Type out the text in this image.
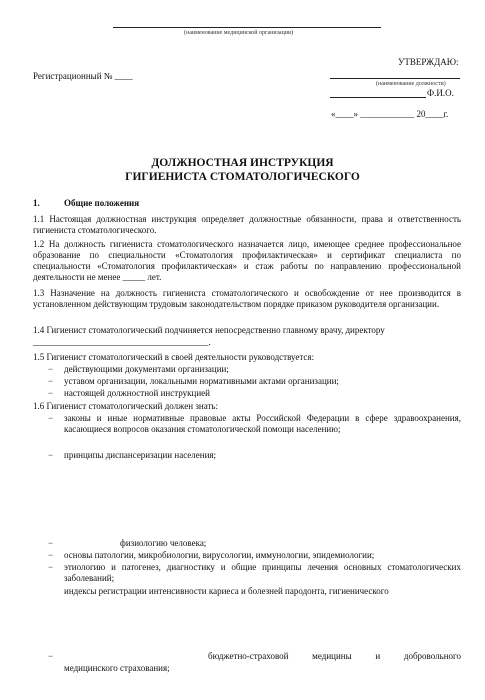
(наименование медицинской организации)
УТВЕРЖДАЮ:
Регистрационный № ____
(наименование должности)
Ф.И.О.
«____» ____________ 20____г.
ДОЛЖНОСТНАЯ ИНСТРУКЦИЯ
ГИГИЕНИСТА СТОМАТОЛОГИЧЕСКОГО
1.	Общие положения
1.1 Настоящая должностная инструкция определяет должностные обязанности, права и ответственность гигиениста стоматологического.
1.2 На должность гигиениста стоматологического назначается лицо, имеющее среднее профессиональное образование по специальности «Стоматология профилактическая» и сертификат специалиста по специальности «Стоматология профилактическая» и стаж работы по направлению профессиональной деятельности не менее _____ лет.
1.3 Назначение на должность гигиениста стоматологического и освобождение от нее производится в установленном действующим трудовым законодательством порядке приказом руководителя организации.
1.4 Гигиенист стоматологический подчиняется непосредственно главному врачу, директору
_______________________________________.
1.5 Гигиенист стоматологический в своей деятельности руководствуется:
− действующими документами организации;
− уставом организации, локальными нормативными актами организации;
− настоящей должностной инструкцией
1.6 Гигиенист стоматологический должен знать:
− законы и иные нормативные правовые акты Российской Федерации в сфере здравоохранения, касающиеся вопросов оказания стоматологической помощи населению;
− принципы диспансеризации населения;
−	физиологию человека;
− основы патологии, микробиологии, вирусологии, иммунологии, эпидемиологии;
− этиологию и патогенез, диагностику и общие принципы лечения основных стоматологических заболеваний;
индексы регистрации интенсивности кариеса и болезней пародонта, гигиенического
−	бюджетно-страховой медицины и добровольного
медицинского страхования;
